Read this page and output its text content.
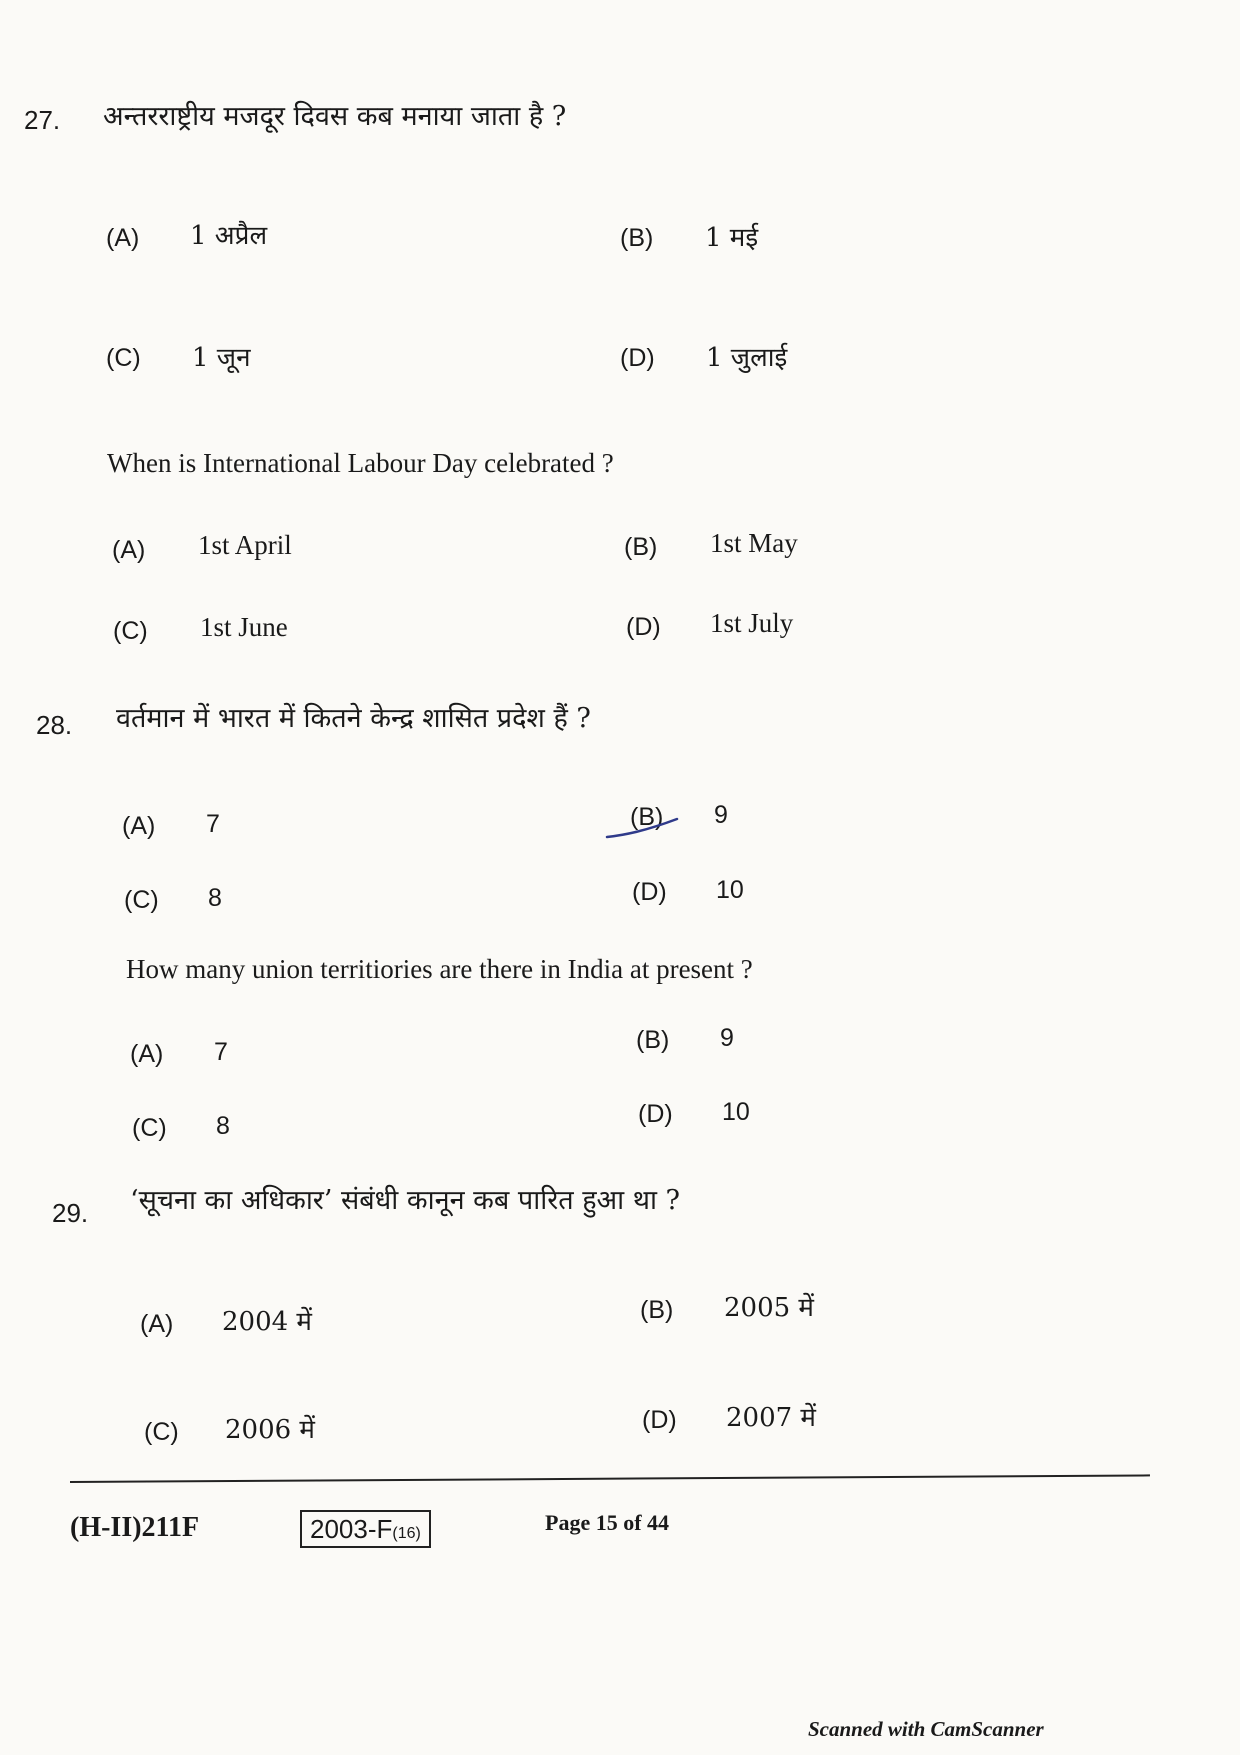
27. अन्तरराष्ट्रीय मजदूर दिवस कब मनाया जाता है ?
(A) 1 अप्रैल	(B) 1 मई
(C) 1 जून	(D) 1 जुलाई
When is International Labour Day celebrated ?
(A) 1st April	(B) 1st May
(C) 1st June	(D) 1st July
28. वर्तमान में भारत में कितने केन्द्र शासित प्रदेश हैं ?
(A) 7	(B) 9
(C) 8	(D) 10
How many union territiories are there in India at present ?
(A) 7	(B) 9
(C) 8	(D) 10
29. ‘सूचना का अधिकार’ संबंधी कानून कब पारित हुआ था ?
(A) 2004 में	(B) 2005 में
(C) 2006 में	(D) 2007 में
(H-II)211F	2003-F(16)	Page 15 of 44
Scanned with CamScanner
